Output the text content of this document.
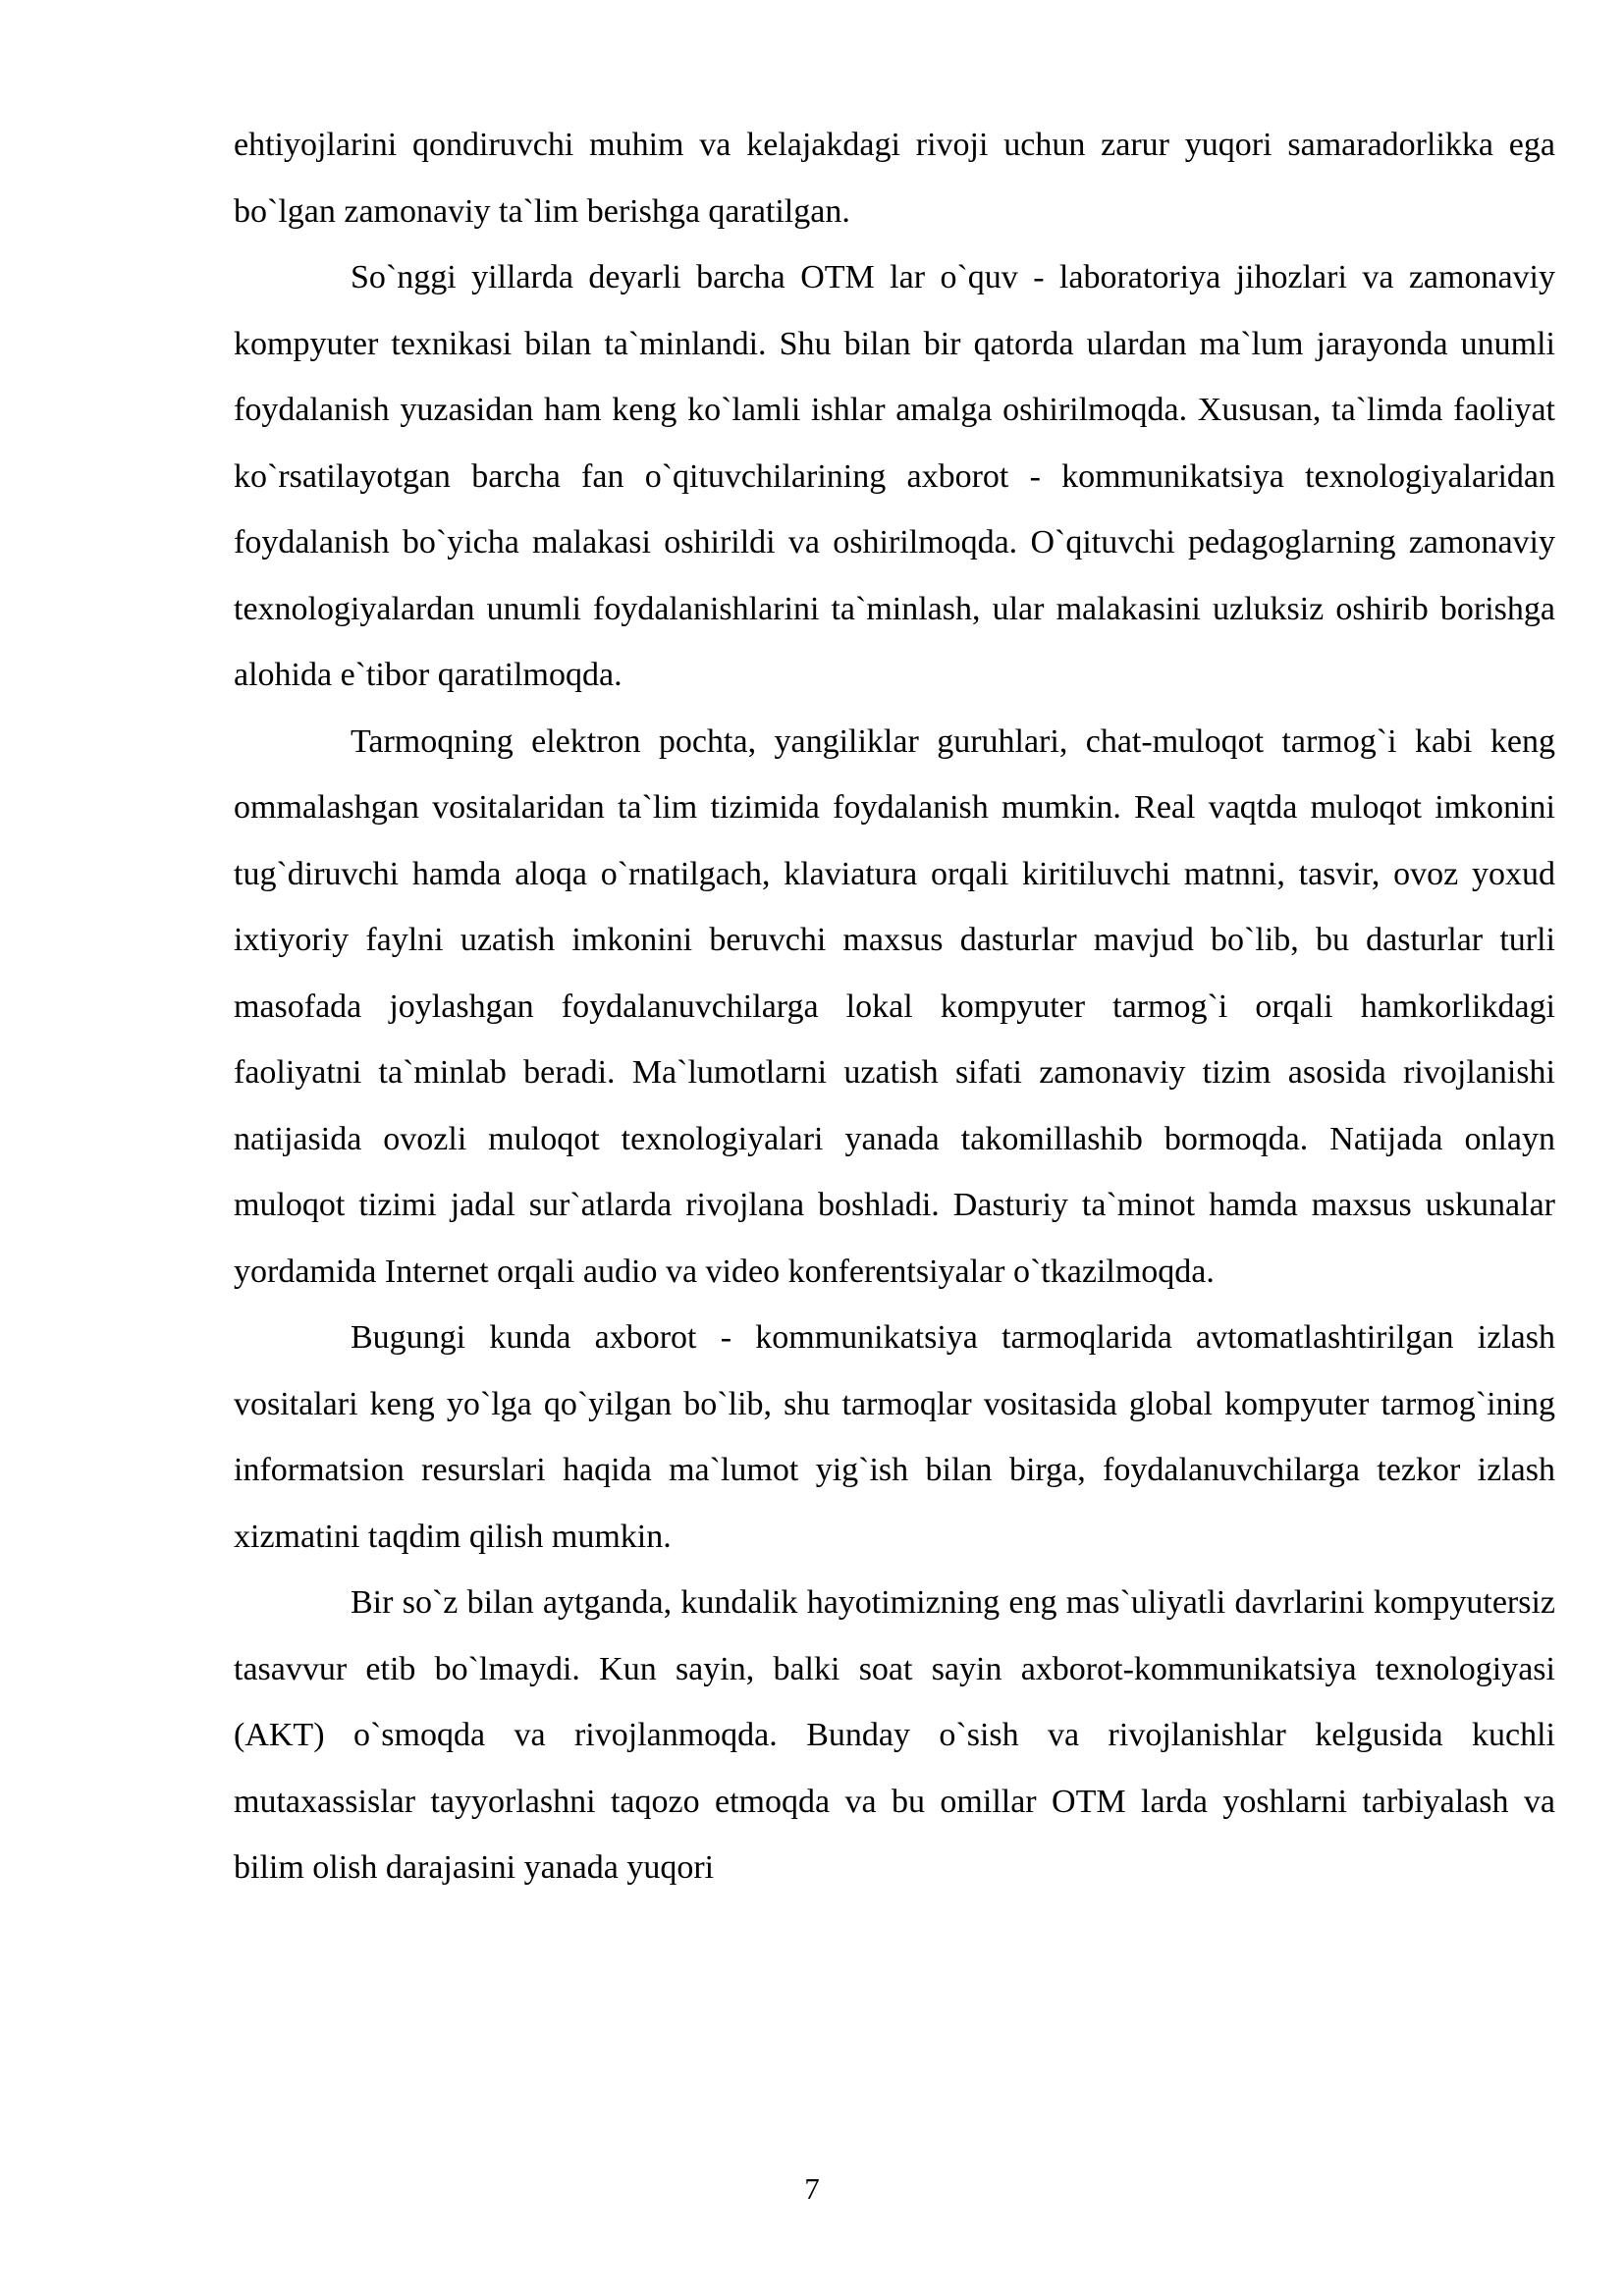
ehtiyojlarini qondiruvchi muhim va kelajakdagi rivoji uchun zarur yuqori samaradorlikka ega bo`lgan zamonaviy ta`lim berishga qaratilgan.

So`nggi yillarda deyarli barcha OTM lar o`quv - laboratoriya jihozlari va zamonaviy kompyuter texnikasi bilan ta`minlandi. Shu bilan bir qatorda ulardan ma`lum jarayonda unumli foydalanish yuzasidan ham keng ko`lamli ishlar amalga oshirilmoqda. Xususan, ta`limda faoliyat ko`rsatilayotgan barcha fan o`qituvchilarining axborot - kommunikatsiya texnologiyalaridan foydalanish bo`yicha malakasi oshirildi va oshirilmoqda. O`qituvchi pedagoglarning zamonaviy texnologiyalardan unumli foydalanishlarini ta`minlash, ular malakasini uzluksiz oshirib borishga alohida e`tibor qaratilmoqda.

Tarmoqning elektron pochta, yangiliklar guruhlari, chat-muloqot tarmog`i kabi keng ommalashgan vositalaridan ta`lim tizimida foydalanish mumkin. Real vaqtda muloqot imkonini tug`diruvchi hamda aloqa o`rnatilgach, klaviatura orqali kiritiluvchi matnni, tasvir, ovoz yoxud ixtiyoriy faylni uzatish imkonini beruvchi maxsus dasturlar mavjud bo`lib, bu dasturlar turli masofada joylashgan foydalanuvchilarga lokal kompyuter tarmog`i orqali hamkorlikdagi faoliyatni ta`minlab beradi. Ma`lumotlarni uzatish sifati zamonaviy tizim asosida rivojlanishi natijasida ovozli muloqot texnologiyalari yanada takomillashib bormoqda. Natijada onlayn muloqot tizimi jadal sur`atlarda rivojlana boshladi. Dasturiy ta`minot hamda maxsus uskunalar yordamida Internet orqali audio va video konferentsiyalar o`tkazilmoqda.

Bugungi kunda axborot - kommunikatsiya tarmoqlarida avtomatlashtirilgan izlash vositalari keng yo`lga qo`yilgan bo`lib, shu tarmoqlar vositasida global kompyuter tarmog`ining informatsion resurslari haqida ma`lumot yig`ish bilan birga, foydalanuvchilarga tezkor izlash xizmatini taqdim qilish mumkin.

Bir so`z bilan aytganda, kundalik hayotimizning eng mas`uliyatli davrlarini kompyutersiz tasavvur etib bo`lmaydi. Kun sayin, balki soat sayin axborot-kommunikatsiya texnologiyasi (AKT) o`smoqda va rivojlanmoqda. Bunday o`sish va rivojlanishlar kelgusida kuchli mutaxassislar tayyorlashni taqozo etmoqda va bu omillar OTM larda yoshlarni tarbiyalash va bilim olish darajasini yanada yuqori

7
